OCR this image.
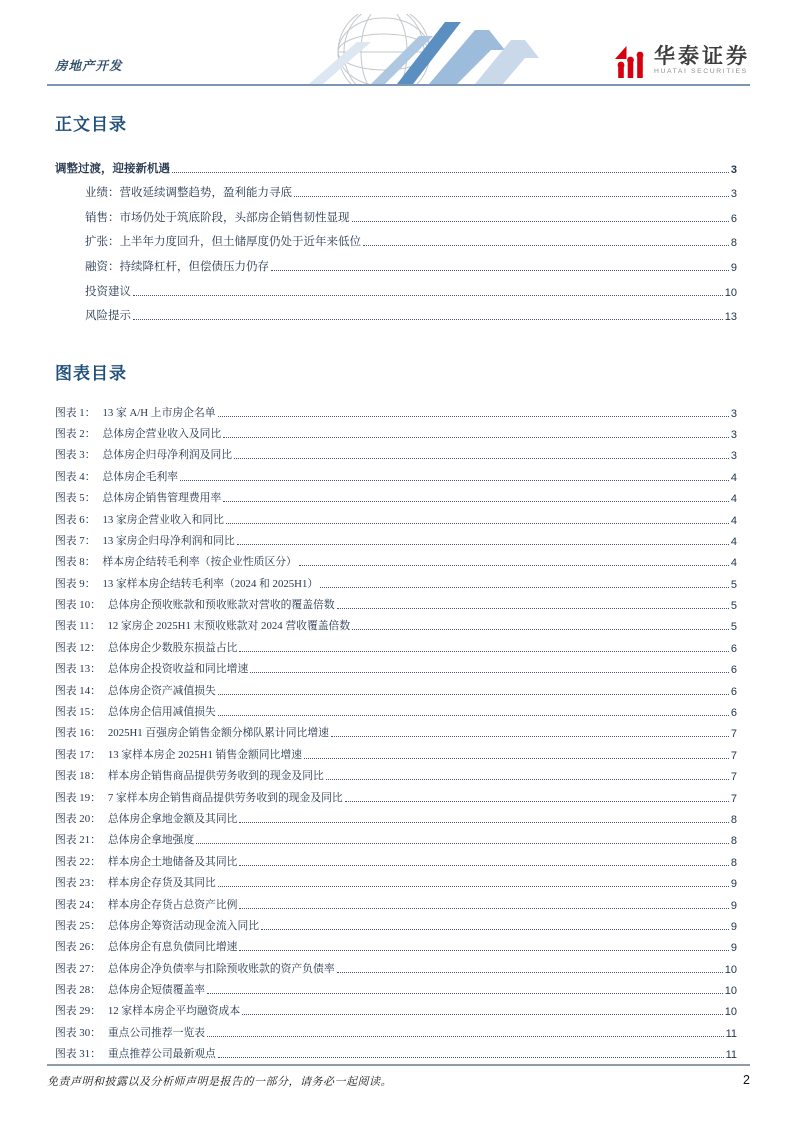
房地产开发	华泰证券
HUATAI SECURITIES
正文目录
调整过渡，迎接新机遇	3
业绩：营收延续调整趋势，盈利能力寻底	3
销售：市场仍处于筑底阶段，头部房企销售韧性显现	6
扩张：上半年力度回升，但土储厚度仍处于近年来低位	8
融资：持续降杠杆，但偿债压力仍存	9
投资建议	10
风险提示	13
图表目录
图表 1： 13 家 A/H 上市房企名单	3
图表 2： 总体房企营业收入及同比	3
图表 3： 总体房企归母净利润及同比	3
图表 4： 总体房企毛利率	4
图表 5： 总体房企销售管理费用率	4
图表 6： 13 家房企营业收入和同比	4
图表 7： 13 家房企归母净利润和同比	4
图表 8： 样本房企结转毛利率（按企业性质区分）	4
图表 9： 13 家样本房企结转毛利率（2024 和 2025H1）	5
图表 10： 总体房企预收账款和预收账款对营收的覆盖倍数	5
图表 11： 12 家房企 2025H1 末预收账款对 2024 营收覆盖倍数	5
图表 12： 总体房企少数股东损益占比	6
图表 13： 总体房企投资收益和同比增速	6
图表 14： 总体房企资产减值损失	6
图表 15： 总体房企信用减值损失	6
图表 16： 2025H1 百强房企销售金额分梯队累计同比增速	7
图表 17： 13 家样本房企 2025H1 销售金额同比增速	7
图表 18： 样本房企销售商品提供劳务收到的现金及同比	7
图表 19： 7 家样本房企销售商品提供劳务收到的现金及同比	7
图表 20： 总体房企拿地金额及其同比	8
图表 21： 总体房企拿地强度	8
图表 22： 样本房企土地储备及其同比	8
图表 23： 样本房企存货及其同比	9
图表 24： 样本房企存货占总资产比例	9
图表 25： 总体房企筹资活动现金流入同比	9
图表 26： 总体房企有息负债同比增速	9
图表 27： 总体房企净负债率与扣除预收账款的资产负债率	10
图表 28： 总体房企短债覆盖率	10
图表 29： 12 家样本房企平均融资成本	10
图表 30： 重点公司推荐一览表	11
图表 31： 重点推荐公司最新观点	11
免责声明和披露以及分析师声明是报告的一部分，请务必一起阅读。	2
